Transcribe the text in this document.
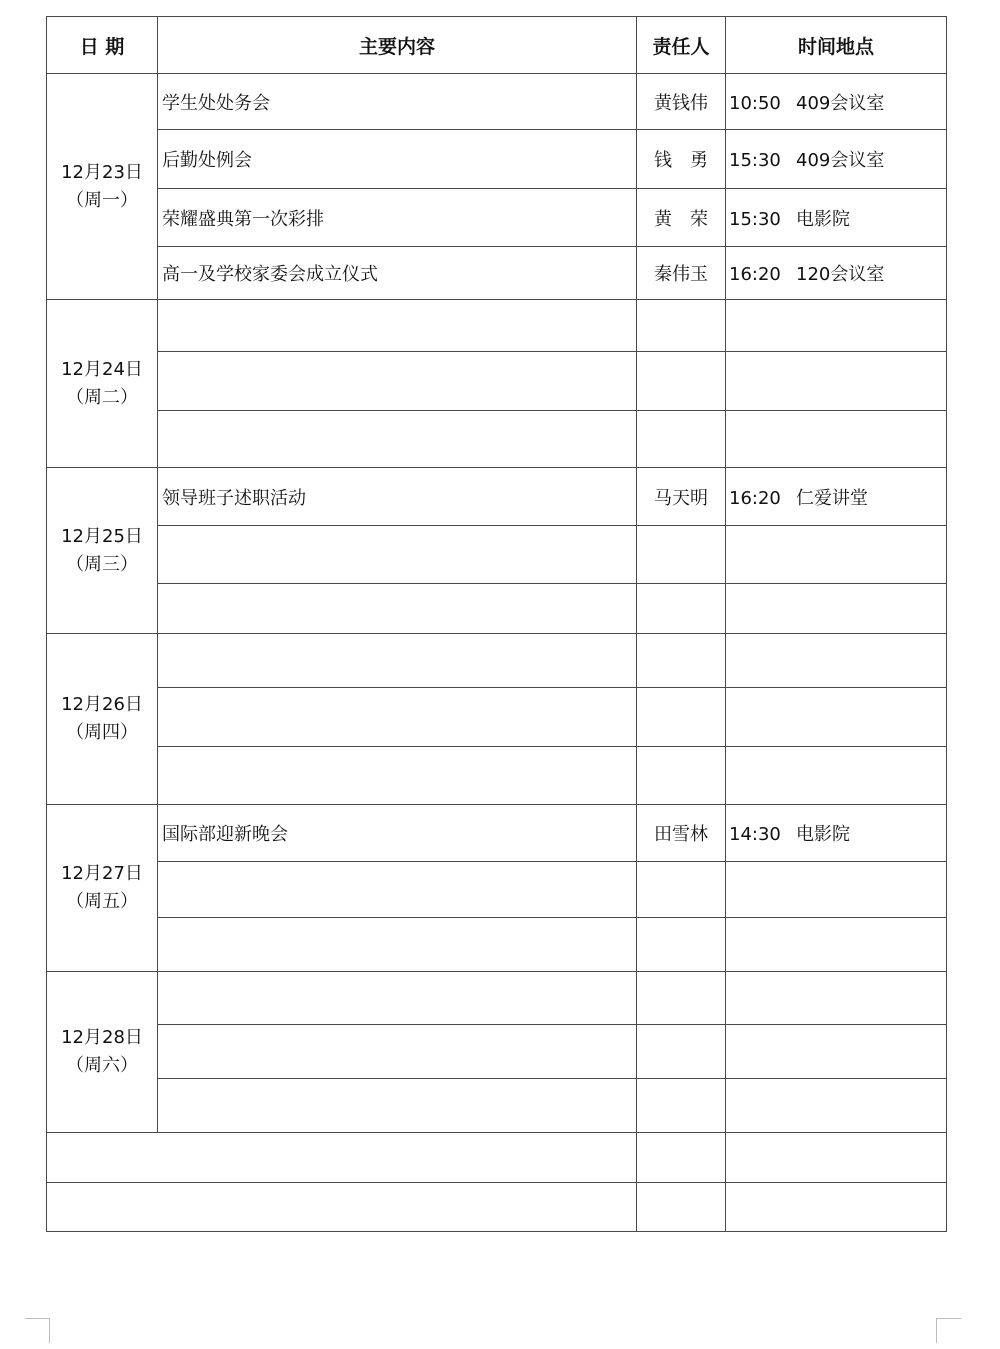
日 期	主要内容	责任人	时间地点

12月23日
（周一）	学生处处务会	黄钱伟	10:50 409会议室
	后勤处例会	钱　勇	15:30 409会议室
	荣耀盛典第一次彩排	黄　荣	15:30 电影院
	高一及学校家委会成立仪式	秦伟玉	16:20 120会议室

12月24日
（周二）			

12月25日
（周三）	领导班子述职活动	马天明	16:20 仁爱讲堂

12月26日
（周四）			

12月27日
（周五）	国际部迎新晚会	田雪林	14:30 电影院

12月28日
（周六）			
